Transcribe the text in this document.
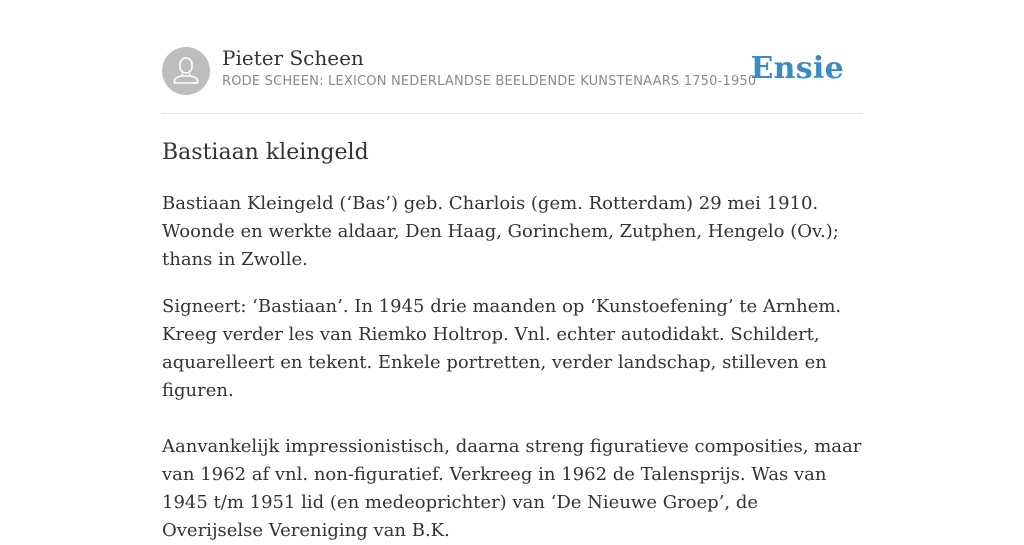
Pieter Scheen
RODE SCHEEN: LEXICON NEDERLANDSE BEELDENDE KUNSTENAARS 1750-1950
Ensie
Bastiaan kleingeld

Bastiaan Kleingeld (‘Bas’) geb. Charlois (gem. Rotterdam) 29 mei 1910. Woonde en werkte aldaar, Den Haag, Gorinchem, Zutphen, Hengelo (Ov.); thans in Zwolle.

Signeert: ‘Bastiaan’. In 1945 drie maanden op ‘Kunstoefening’ te Arnhem. Kreeg verder les van Riemko Holtrop. Vnl. echter autodidakt. Schildert, aquarelleert en tekent. Enkele portretten, verder landschap, stilleven en figuren.

Aanvankelijk impressionistisch, daarna streng figuratieve composities, maar van 1962 af vnl. non-figuratief. Verkreeg in 1962 de Talensprijs. Was van 1945 t/m 1951 lid (en medeoprichter) van ‘De Nieuwe Groep’, de Overijselse Vereniging van B.K.
